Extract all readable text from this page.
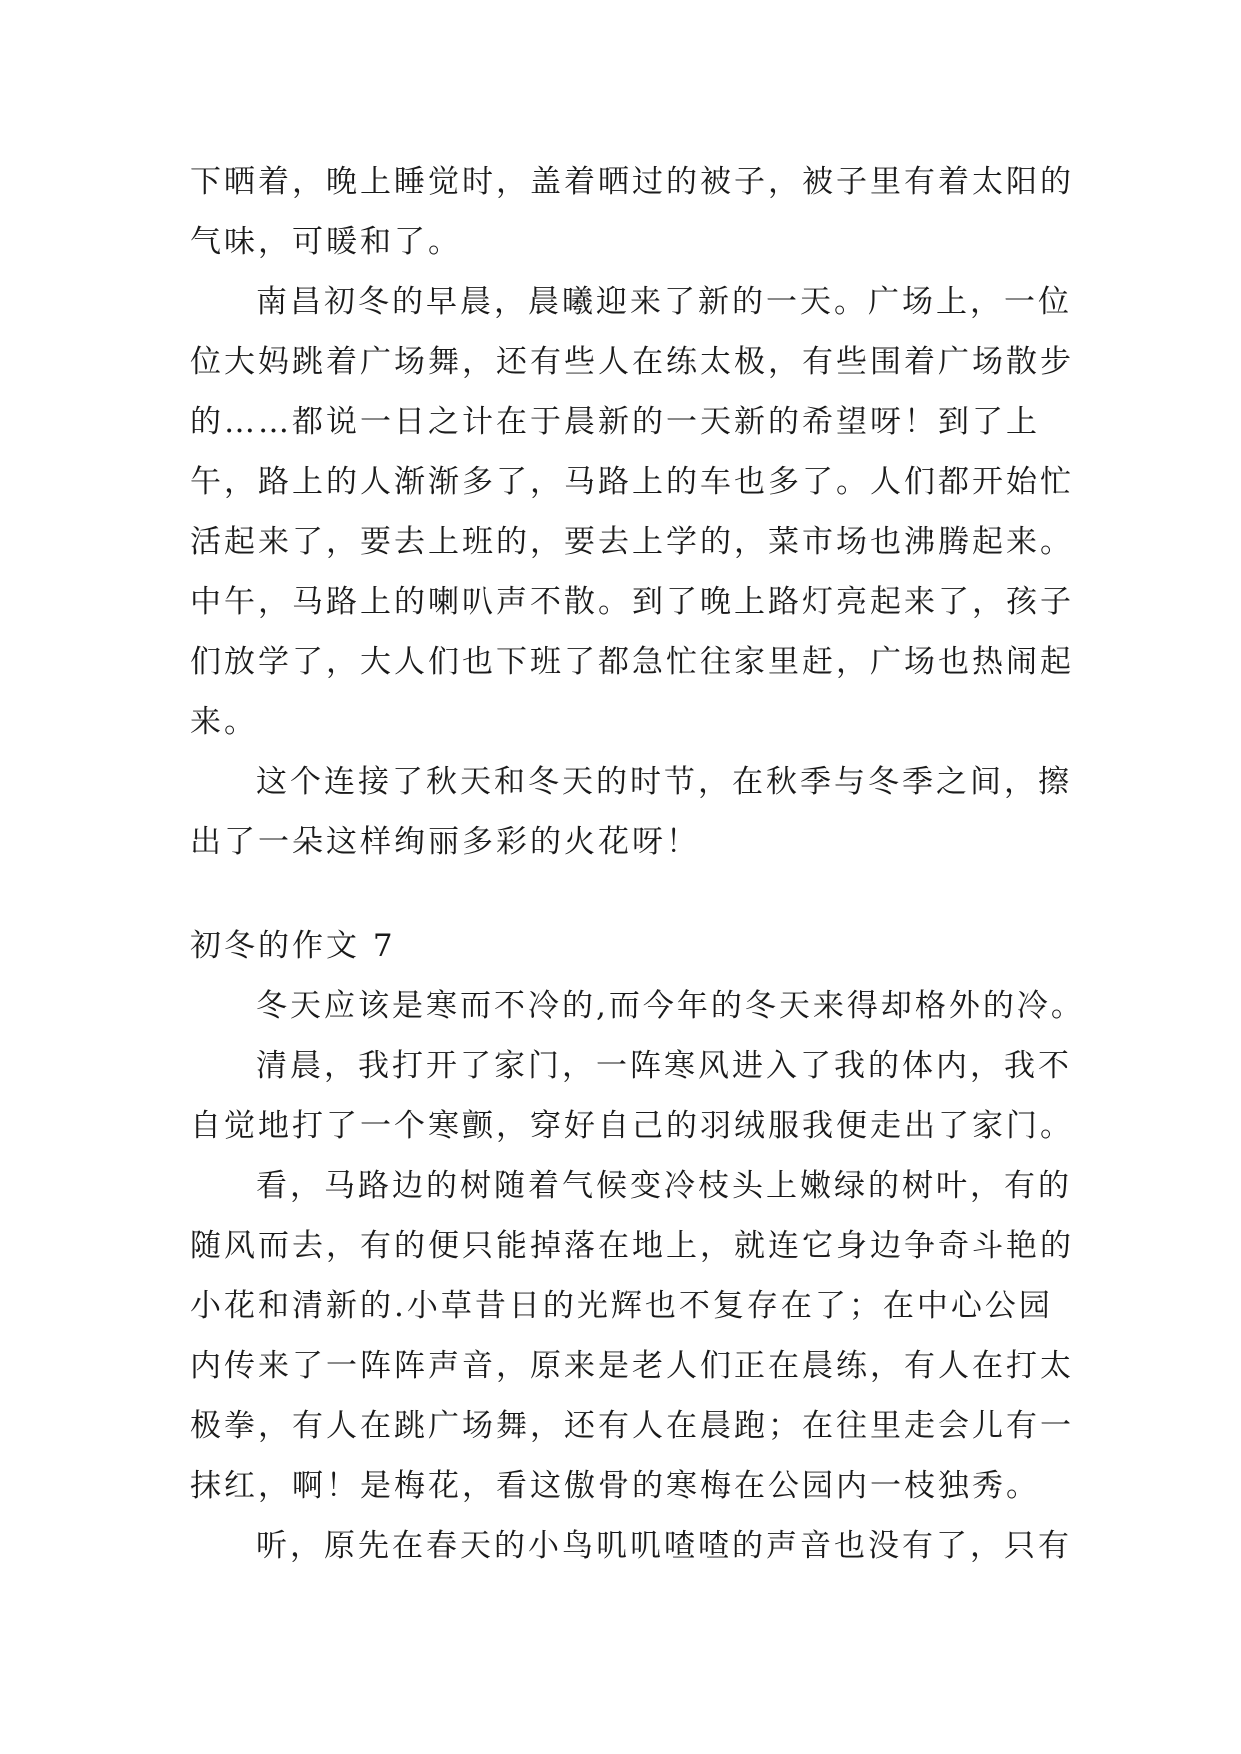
下晒着，晚上睡觉时，盖着晒过的被子，被子里有着太阳的
气味，可暖和了。
南昌初冬的早晨，晨曦迎来了新的一天。广场上，一位
位大妈跳着广场舞，还有些人在练太极，有些围着广场散步
的……都说一日之计在于晨新的一天新的希望呀！到了上
午，路上的人渐渐多了，马路上的车也多了。人们都开始忙
活起来了，要去上班的，要去上学的，菜市场也沸腾起来。
中午，马路上的喇叭声不散。到了晚上路灯亮起来了，孩子
们放学了，大人们也下班了都急忙往家里赶，广场也热闹起
来。
这个连接了秋天和冬天的时节，在秋季与冬季之间，擦
出了一朵这样绚丽多彩的火花呀！
初冬的作文 7
冬天应该是寒而不冷的,而今年的冬天来得却格外的冷。
清晨，我打开了家门，一阵寒风进入了我的体内，我不
自觉地打了一个寒颤，穿好自己的羽绒服我便走出了家门。
看，马路边的树随着气候变冷枝头上嫩绿的树叶，有的
随风而去，有的便只能掉落在地上，就连它身边争奇斗艳的
小花和清新的.小草昔日的光辉也不复存在了；在中心公园
内传来了一阵阵声音，原来是老人们正在晨练，有人在打太
极拳，有人在跳广场舞，还有人在晨跑；在往里走会儿有一
抹红，啊！是梅花，看这傲骨的寒梅在公园内一枝独秀。
听，原先在春天的小鸟叽叽喳喳的声音也没有了，只有
